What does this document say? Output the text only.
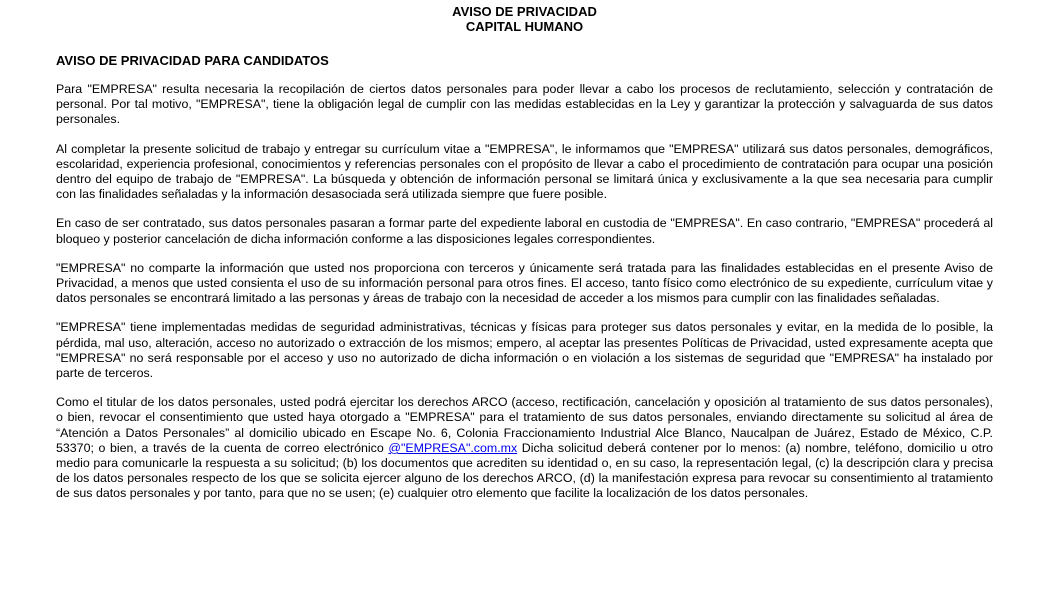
AVISO DE PRIVACIDAD

CAPITAL HUMANO

AVISO DE PRIVACIDAD PARA CANDIDATOS

Para "EMPRESA" resulta necesaria la recopilación de ciertos datos personales para poder llevar a cabo los procesos de reclutamiento, selección y contratación de personal. Por tal motivo, "EMPRESA", tiene la obligación legal de cumplir con las medidas establecidas en la Ley y garantizar la protección y salvaguarda de sus datos personales.

Al completar la presente solicitud de trabajo y entregar su currículum vitae a "EMPRESA", le informamos que "EMPRESA" utilizará sus datos personales, demográficos, escolaridad, experiencia profesional, conocimientos y referencias personales con el propósito de llevar a cabo el procedimiento de contratación para ocupar una posición dentro del equipo de trabajo de "EMPRESA". La búsqueda y obtención de información personal se limitará única y exclusivamente a la que sea necesaria para cumplir con las finalidades señaladas y la información desasociada será utilizada siempre que fuere posible.

En caso de ser contratado, sus datos personales pasaran a formar parte del expediente laboral en custodia de "EMPRESA". En caso contrario, "EMPRESA" procederá al bloqueo y posterior cancelación de dicha información conforme a las disposiciones legales correspondientes.

"EMPRESA" no comparte la información que usted nos proporciona con terceros y únicamente será tratada para las finalidades establecidas en el presente Aviso de Privacidad, a menos que usted consienta el uso de su información personal para otros fines. El acceso, tanto físico como electrónico de su expediente, currículum vitae y datos personales se encontrará limitado a las personas y áreas de trabajo con la necesidad de acceder a los mismos para cumplir con las finalidades señaladas.

"EMPRESA" tiene implementadas medidas de seguridad administrativas, técnicas y físicas para proteger sus datos personales y evitar, en la medida de lo posible, la pérdida, mal uso, alteración, acceso no autorizado o extracción de los mismos; empero, al aceptar las presentes Políticas de Privacidad, usted expresamente acepta que "EMPRESA" no será responsable por el acceso y uso no autorizado de dicha información o en violación a los sistemas de seguridad que "EMPRESA" ha instalado por parte de terceros.

Como el titular de los datos personales, usted podrá ejercitar los derechos ARCO (acceso, rectificación, cancelación y oposición al tratamiento de sus datos personales), o bien, revocar el consentimiento que usted haya otorgado a "EMPRESA" para el tratamiento de sus datos personales, enviando directamente su solicitud al área de “Atención a Datos Personales” al domicilio ubicado en Escape No. 6, Colonia Fraccionamiento Industrial Alce Blanco, Naucalpan de Juárez, Estado de México, C.P. 53370; o bien, a través de la cuenta de correo electrónico @"EMPRESA".com.mx Dicha solicitud deberá contener por lo menos: (a) nombre, teléfono, domicilio u otro medio para comunicarle la respuesta a su solicitud; (b) los documentos que acrediten su identidad o, en su caso, la representación legal, (c) la descripción clara y precisa de los datos personales respecto de los que se solicita ejercer alguno de los derechos ARCO, (d) la manifestación expresa para revocar su consentimiento al tratamiento de sus datos personales y por tanto, para que no se usen; (e) cualquier otro elemento que facilite la localización de los datos personales.
